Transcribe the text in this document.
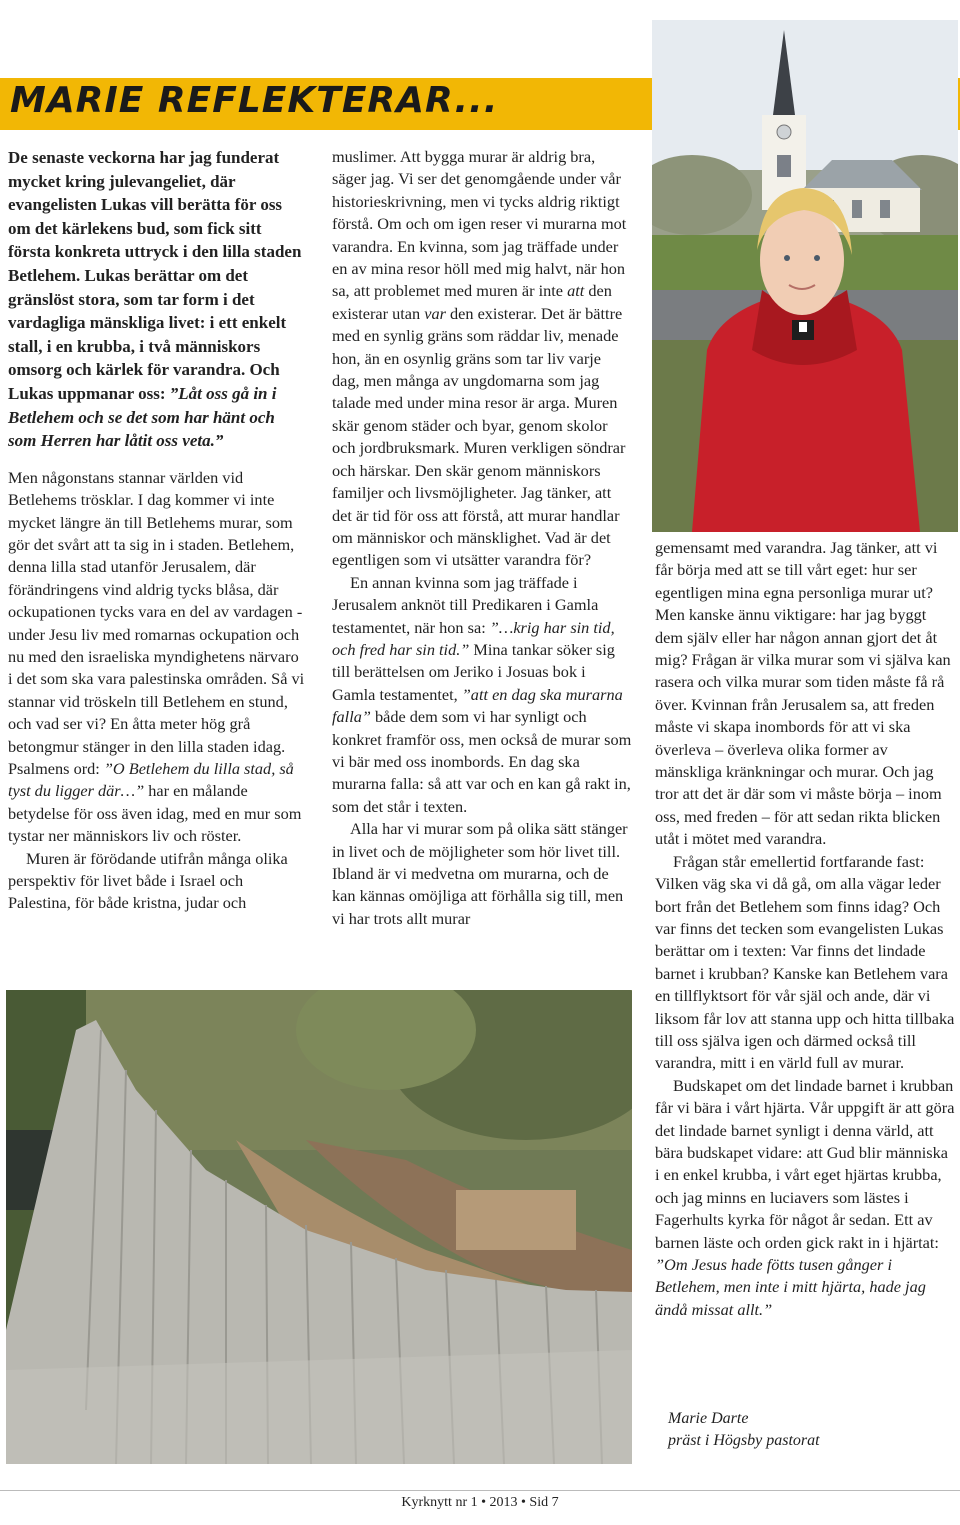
MARIE REFLEKTERAR...

De senaste veckorna har jag funderat mycket kring julevangeliet, där evangelisten Lukas vill berätta för oss om det kärlekens bud, som fick sitt första konkreta uttryck i den lilla staden Betlehem. Lukas berättar om det gränslöst stora, som tar form i det vardagliga mänskliga livet: i ett enkelt stall, i en krubba, i två människors omsorg och kärlek för varandra. Och Lukas uppmanar oss: ”Låt oss gå in i Betlehem och se det som har hänt och som Herren har låtit oss veta.”

Men någonstans stannar världen vid Betlehems trösklar. I dag kommer vi inte mycket längre än till Betlehems murar, som gör det svårt att ta sig in i staden. Betlehem, denna lilla stad utanför Jerusalem, där förändringens vind aldrig tycks blåsa, där ockupationen tycks vara en del av vardagen - under Jesu liv med romarnas ockupation och nu med den israeliska myndighetens närvaro i det som ska vara palestinska områden. Så vi stannar vid tröskeln till Betlehem en stund, och vad ser vi? En åtta meter hög grå betongmur stänger in den lilla staden idag. Psalmens ord: ”O Betlehem du lilla stad, så tyst du ligger där…” har en målande betydelse för oss även idag, med en mur som tystar ner människors liv och röster.

Muren är förödande utifrån många olika perspektiv för livet både i Israel och Palestina, för både kristna, judar och

muslimer. Att bygga murar är aldrig bra, säger jag. Vi ser det genomgående under vår historieskrivning, men vi tycks aldrig riktigt förstå. Om och om igen reser vi murarna mot varandra. En kvinna, som jag träffade under en av mina resor höll med mig halvt, när hon sa, att problemet med muren är inte att den existerar utan var den existerar. Det är bättre med en synlig gräns som räddar liv, menade hon, än en osynlig gräns som tar liv varje dag, men många av ungdomarna som jag talade med under mina resor är arga. Muren skär genom städer och byar, genom skolor och jordbruksmark. Muren verkligen söndrar och härskar. Den skär genom människors familjer och livsmöjligheter. Jag tänker, att det är tid för oss att förstå, att murar handlar om människor och mänsklighet. Vad är det egentligen som vi utsätter varandra för?

En annan kvinna som jag träffade i Jerusalem anknöt till Predikaren i Gamla testamentet, när hon sa: ”…krig har sin tid, och fred har sin tid.” Mina tankar söker sig till berättelsen om Jeriko i Josuas bok i Gamla testamentet, ”att en dag ska murarna falla” både dem som vi har synligt och konkret framför oss, men också de murar som vi bär med oss inombords. En dag ska murarna falla: så att var och en kan gå rakt in, som det står i texten.

Alla har vi murar som på olika sätt stänger in livet och de möjligheter som hör livet till. Ibland är vi medvetna om murarna, och de kan kännas omöjliga att förhålla sig till, men vi har trots allt murar

gemensamt med varandra. Jag tänker, att vi får börja med att se till vårt eget: hur ser egentligen mina egna personliga murar ut? Men kanske ännu viktigare: har jag byggt dem själv eller har någon annan gjort det åt mig? Frågan är vilka murar som vi själva kan rasera och vilka murar som tiden måste få rå över. Kvinnan från Jerusalem sa, att freden måste vi skapa inombords för att vi ska överleva – överleva olika former av mänskliga kränkningar och murar. Och jag tror att det är där som vi måste börja – inom oss, med freden – för att sedan rikta blicken utåt i mötet med varandra.

Frågan står emellertid fortfarande fast: Vilken väg ska vi då gå, om alla vägar leder bort från det Betlehem som finns idag? Och var finns det tecken som evangelisten Lukas berättar om i texten: Var finns det lindade barnet i krubban? Kanske kan Betlehem vara en tillflyktsort för vår själ och ande, där vi liksom får lov att stanna upp och hitta tillbaka till oss själva igen och därmed också till varandra, mitt i en värld full av murar.

Budskapet om det lindade barnet i krubban får vi bära i vårt hjärta. Vår uppgift är att göra det lindade barnet synligt i denna värld, att bära budskapet vidare: att Gud blir människa i en enkel krubba, i vårt eget hjärtas krubba, och jag minns en luciavers som lästes i Fagerhults kyrka för något år sedan. Ett av barnen läste och orden gick rakt in i hjärtat: ”Om Jesus hade fötts tusen gånger i Betlehem, men inte i mitt hjärta, hade jag ändå missat allt.”

Marie Darte
präst i Högsby pastorat
Kyrknytt nr 1 • 2013 • Sid 7
